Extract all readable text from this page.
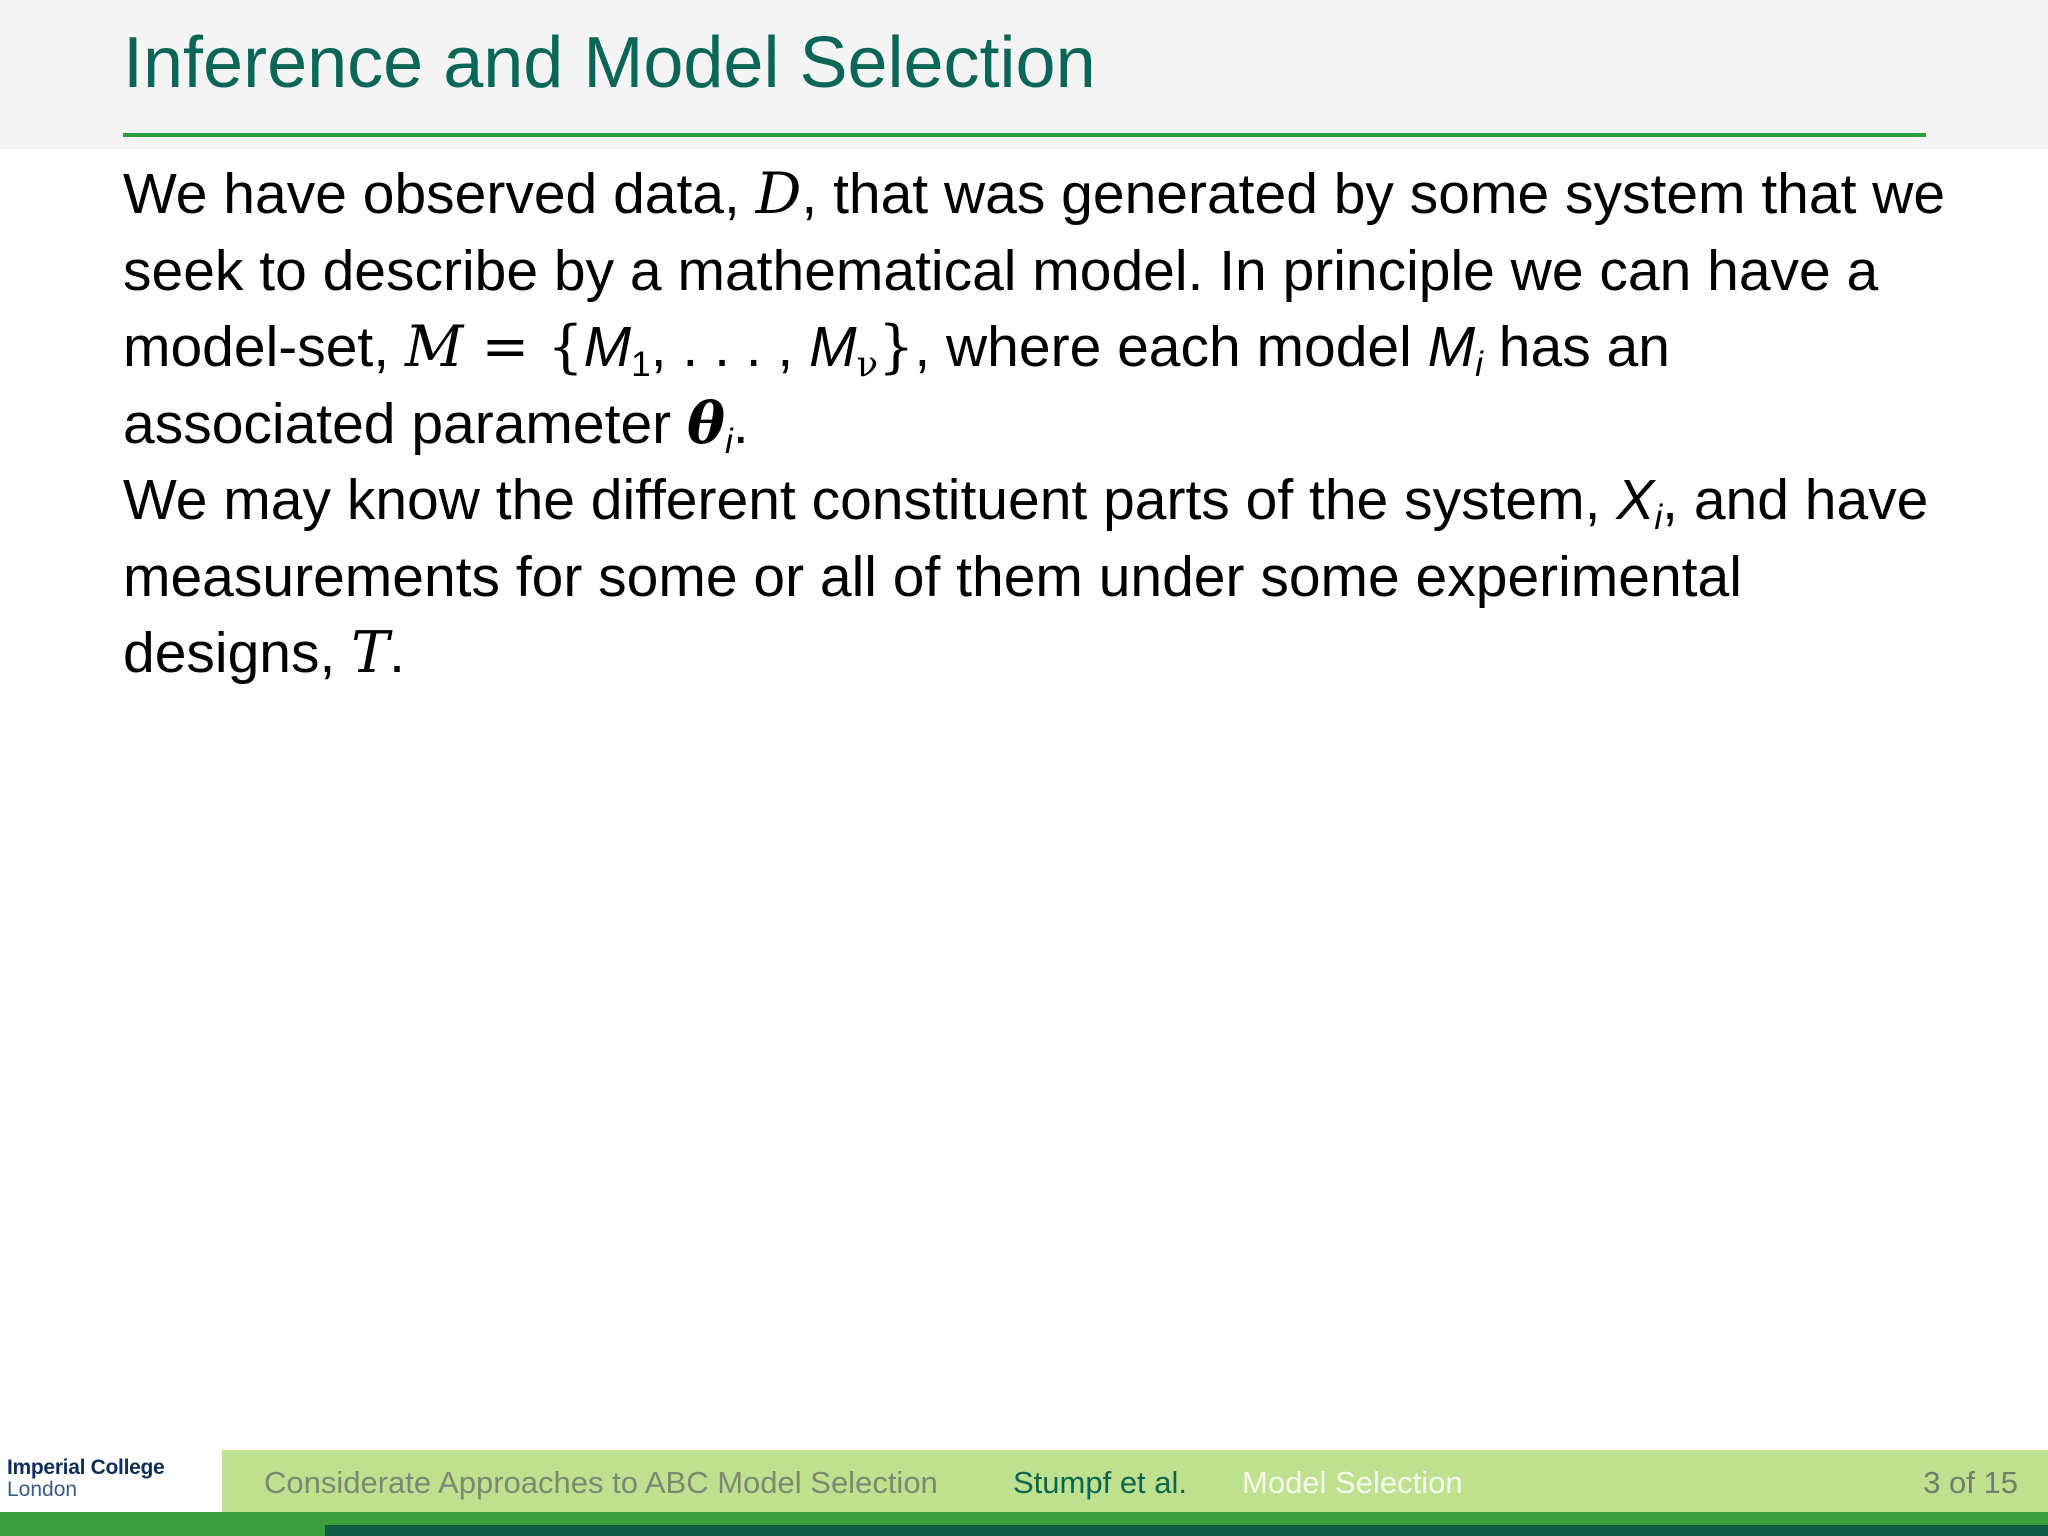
Inference and Model Selection

We have observed data, D, that was generated by some system that we seek to describe by a mathematical model. In principle we can have a model-set, $M = \{M_1$, . . . , $M_\nu$}, where each model $M_i$ has an associated parameter $\theta_i$.

We may know the different constituent parts of the system, $X_i$, and have measurements for some or all of them under some experimental designs, T.

Imperial College
London	Considerate Approaches to ABC Model Selection Stumpf et al. Model Selection	3 of 15
